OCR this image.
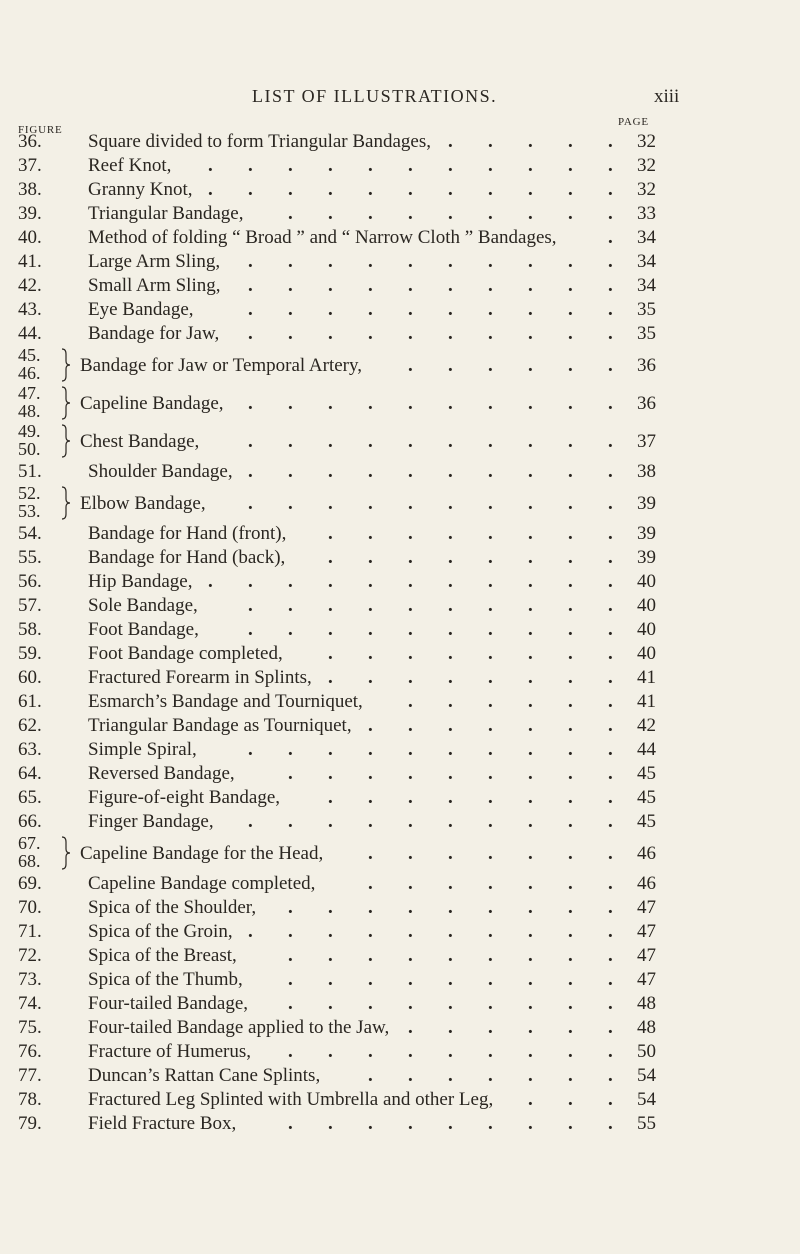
LIST OF ILLUSTRATIONS.	xiii
FIGURE
PAGE
36.	Square divided to form Triangular Bandages,	32
.
.
.
.
.
37.	Reef Knot,	32
.
.
.
.
.
.
.
.
.
.
.
38.	Granny Knot,	32
.
.
.
.
.
.
.
.
.
.
.
39.	Triangular Bandage,	33
.
.
.
.
.
.
.
.
.
40.	Method of folding “ Broad ” and “ Narrow Cloth ” Bandages,	34
.
41.	Large Arm Sling,	34
.
.
.
.
.
.
.
.
.
.
42.	Small Arm Sling,	34
.
.
.
.
.
.
.
.
.
.
43.	Eye Bandage,	35
.
.
.
.
.
.
.
.
.
.
44.	Bandage for Jaw,	35
.
.
.
.
.
.
.
.
.
.
45.
46. Bandage for Jaw or Temporal Artery,	36
.
.
.
.
.
.
47.
48. Capeline Bandage,	36
.
.
.
.
.
.
.
.
.
.
49.
50. Chest Bandage,	37
.
.
.
.
.
.
.
.
.
.
51.	Shoulder Bandage,	38
.
.
.
.
.
.
.
.
.
.
52.
53. Elbow Bandage,	39
.
.
.
.
.
.
.
.
.
.
54.	Bandage for Hand (front),	39
.
.
.
.
.
.
.
.
55.	Bandage for Hand (back),	39
.
.
.
.
.
.
.
.
56.	Hip Bandage,	40
.
.
.
.
.
.
.
.
.
.
.
57.	Sole Bandage,	40
.
.
.
.
.
.
.
.
.
.
58.	Foot Bandage,	40
.
.
.
.
.
.
.
.
.
.
59.	Foot Bandage completed,	40
.
.
.
.
.
.
.
.
60.	Fractured Forearm in Splints,	41
.
.
.
.
.
.
.
.
61.	Esmarch’s Bandage and Tourniquet,	41
.
.
.
.
.
.
62.	Triangular Bandage as Tourniquet,	42
.
.
.
.
.
.
.
63.	Simple Spiral,	44
.
.
.
.
.
.
.
.
.
.
64.	Reversed Bandage,	45
.
.
.
.
.
.
.
.
.
65.	Figure-of-eight Bandage,	45
.
.
.
.
.
.
.
.
66.	Finger Bandage,	45
.
.
.
.
.
.
.
.
.
.
67.
68. Capeline Bandage for the Head,	46
.
.
.
.
.
.
.
69.	Capeline Bandage completed,	46
.
.
.
.
.
.
.
70.	Spica of the Shoulder,	47
.
.
.
.
.
.
.
.
.
71.	Spica of the Groin,	47
.
.
.
.
.
.
.
.
.
.
72.	Spica of the Breast,	47
.
.
.
.
.
.
.
.
.
73.	Spica of the Thumb,	47
.
.
.
.
.
.
.
.
.
74.	Four-tailed Bandage,	48
.
.
.
.
.
.
.
.
.
75.	Four-tailed Bandage applied to the Jaw,	48
.
.
.
.
.
.
76.	Fracture of Humerus,	50
.
.
.
.
.
.
.
.
.
77.	Duncan’s Rattan Cane Splints,	54
.
.
.
.
.
.
.
78.	Fractured Leg Splinted with Umbrella and other Leg,	54
.
.
.
79.	Field Fracture Box,	55
.
.
.
.
.
.
.
.
.
